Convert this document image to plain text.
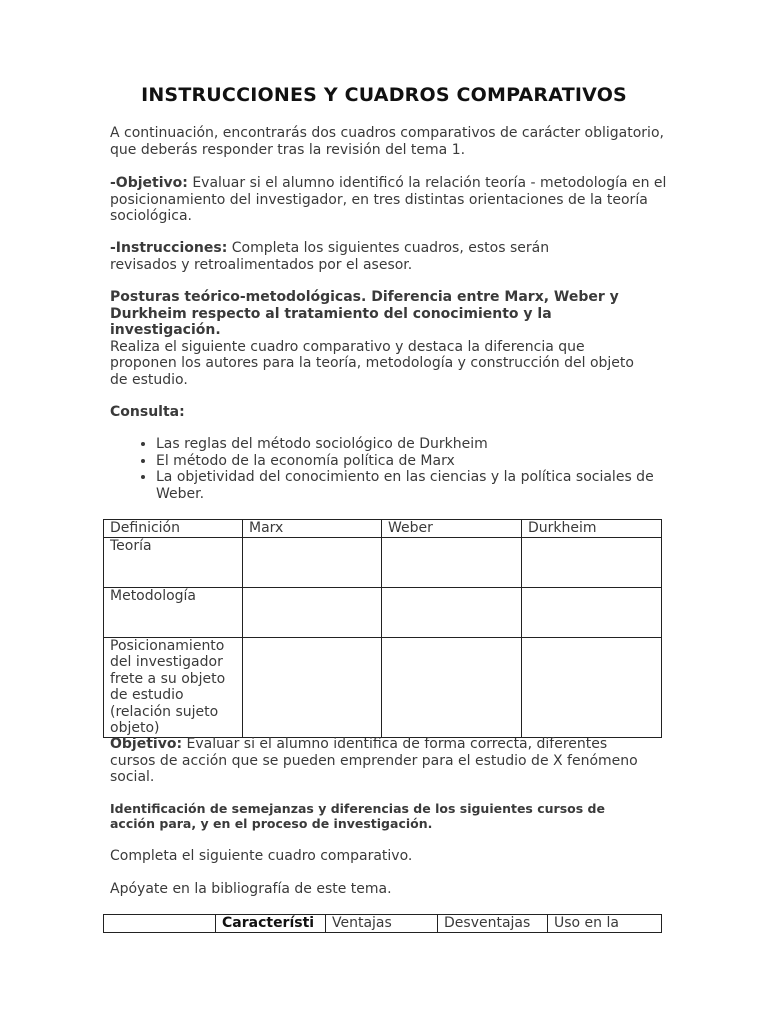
INSTRUCCIONES Y CUADROS COMPARATIVOS
A continuación, encontrarás dos cuadros comparativos de carácter obligatorio, que deberás responder tras la revisión del tema 1.
-Objetivo: Evaluar si el alumno identificó la relación teoría - metodología en el posicionamiento del investigador, en tres distintas orientaciones de la teoría sociológica.
-Instrucciones: Completa los siguientes cuadros, estos serán revisados y retroalimentados por el asesor.
Posturas teórico-metodológicas. Diferencia entre Marx, Weber y Durkheim respecto al tratamiento del conocimiento y la investigación.
Realiza el siguiente cuadro comparativo y destaca la diferencia que proponen los autores para la teoría, metodología y construcción del objeto de estudio.
Consulta:
• Las reglas del método sociológico de Durkheim
• El método de la economía política de Marx
• La objetividad del conocimiento en las ciencias y la política sociales de Weber.
Definición	Marx	Weber	Durkheim
Teoría			
Metodología			
Posicionamiento del investigador frete a su objeto de estudio (relación sujeto objeto)			
Objetivo: Evaluar si el alumno identifica de forma correcta, diferentes cursos de acción que se pueden emprender para el estudio de X fenómeno social.
Identificación de semejanzas y diferencias de los siguientes cursos de acción para, y en el proceso de investigación.
Completa el siguiente cuadro comparativo.
Apóyate en la bibliografía de este tema.
	Característi	Ventajas	Desventajas	Uso en la
